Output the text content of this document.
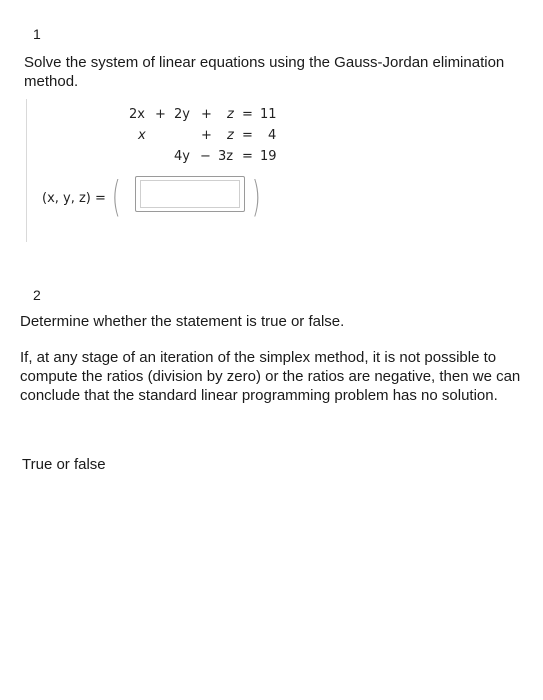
1
Solve the system of linear equations using the Gauss-Jordan elimination method.
2x + 2y + z = 11
x	+ z = 4
4y − 3z = 19
(x, y, z) = (	)
2
Determine whether the statement is true or false.
If, at any stage of an iteration of the simplex method, it is not possible to compute the ratios (division by zero) or the ratios are negative, then we can conclude that the standard linear programming problem has no solution.
True or false
